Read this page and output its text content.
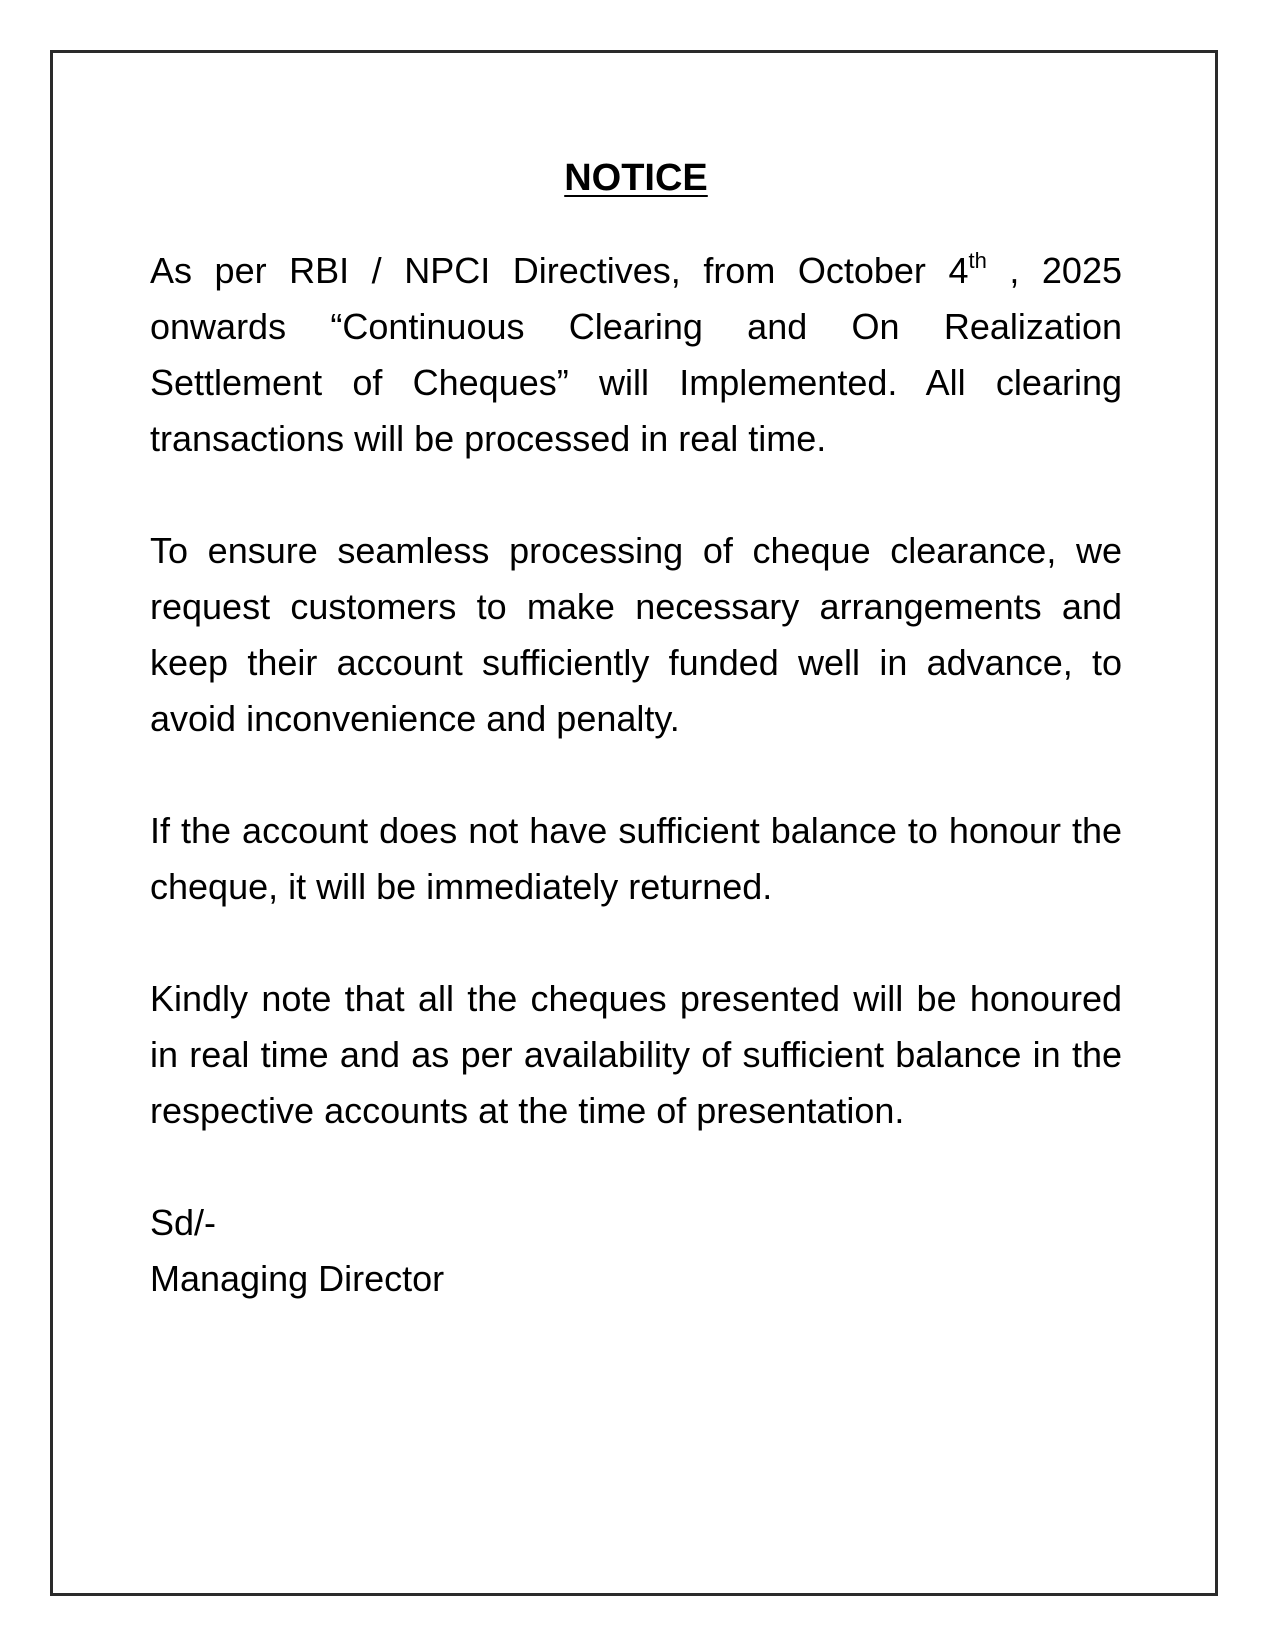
NOTICE

As per RBI / NPCI Directives, from October 4th , 2025 onwards “Continuous Clearing and On Realization Settlement of Cheques” will Implemented. All clearing transactions will be processed in real time.

To ensure seamless processing of cheque clearance, we request customers to make necessary arrangements and keep their account sufficiently funded well in advance, to avoid inconvenience and penalty.

If the account does not have sufficient balance to honour the cheque, it will be immediately returned.

Kindly note that all the cheques presented will be honoured in real time and as per availability of sufficient balance in the respective accounts at the time of presentation.

Sd/-

Managing Director
